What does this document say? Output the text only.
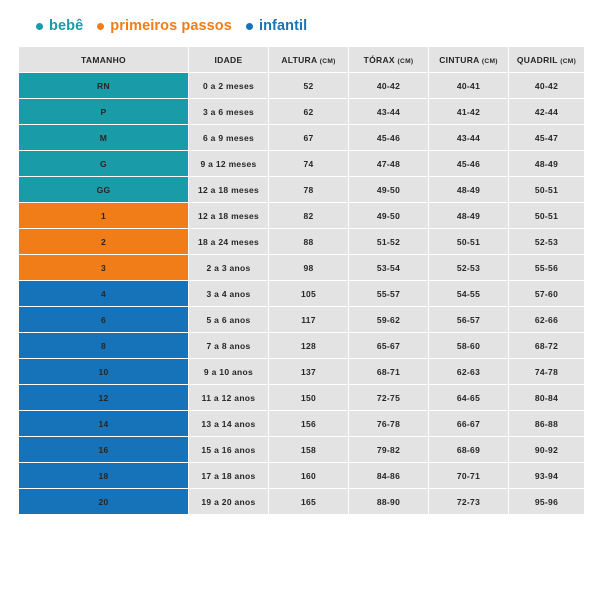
bebê primeiros passos infantil
TAMANHO	IDADE	ALTURA (CM)	TÓRAX (CM)	CINTURA (CM)	QUADRIL (CM)
RN	0 a 2 meses	52	40-42	40-41	40-42
P	3 a 6 meses	62	43-44	41-42	42-44
M	6 a 9 meses	67	45-46	43-44	45-47
G	9 a 12 meses	74	47-48	45-46	48-49
GG	12 a 18 meses	78	49-50	48-49	50-51
1	12 a 18 meses	82	49-50	48-49	50-51
2	18 a 24 meses	88	51-52	50-51	52-53
3	2 a 3 anos	98	53-54	52-53	55-56
4	3 a 4 anos	105	55-57	54-55	57-60
6	5 a 6 anos	117	59-62	56-57	62-66
8	7 a 8 anos	128	65-67	58-60	68-72
10	9 a 10 anos	137	68-71	62-63	74-78
12	11 a 12 anos	150	72-75	64-65	80-84
14	13 a 14 anos	156	76-78	66-67	86-88
16	15 a 16 anos	158	79-82	68-69	90-92
18	17 a 18 anos	160	84-86	70-71	93-94
20	19 a 20 anos	165	88-90	72-73	95-96
